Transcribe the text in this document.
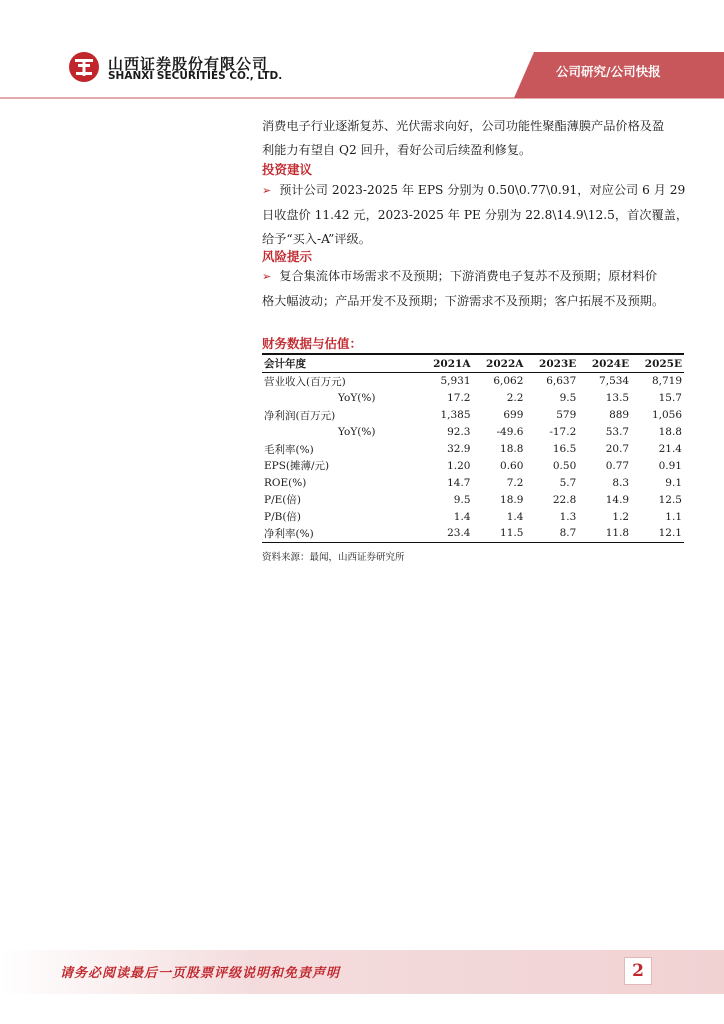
山西证券股份有限公司
SHANXI SECURITIES CO., LTD.	公司研究/公司快报
消费电子行业逐渐复苏、光伏需求向好，公司功能性聚酯薄膜产品价格及盈
利能力有望自 Q2 回升，看好公司后续盈利修复。
投资建议
➢ 预计公司 2023-2025 年 EPS 分别为 0.50\0.77\0.91，对应公司 6 月 29
日收盘价 11.42 元，2023-2025 年 PE 分别为 22.8\14.9\12.5，首次覆盖，
给予“买入-A”评级。
风险提示
➢ 复合集流体市场需求不及预期；下游消费电子复苏不及预期；原材料价
格大幅波动；产品开发不及预期；下游需求不及预期；客户拓展不及预期。
财务数据与估值：
会计年度	2021A	2022A	2023E	2024E	2025E
营业收入(百万元)	5,931	6,062	6,637	7,534	8,719
YoY(%)	17.2	2.2	9.5	13.5	15.7
净利润(百万元)	1,385	699	579	889	1,056
YoY(%)	92.3	-49.6	-17.2	53.7	18.8
毛利率(%)	32.9	18.8	16.5	20.7	21.4
EPS(摊薄/元)	1.20	0.60	0.50	0.77	0.91
ROE(%)	14.7	7.2	5.7	8.3	9.1
P/E(倍)	9.5	18.9	22.8	14.9	12.5
P/B(倍)	1.4	1.4	1.3	1.2	1.1
净利率(%)	23.4	11.5	8.7	11.8	12.1
资料来源：最闻，山西证券研究所
请务必阅读最后一页股票评级说明和免责声明	2
